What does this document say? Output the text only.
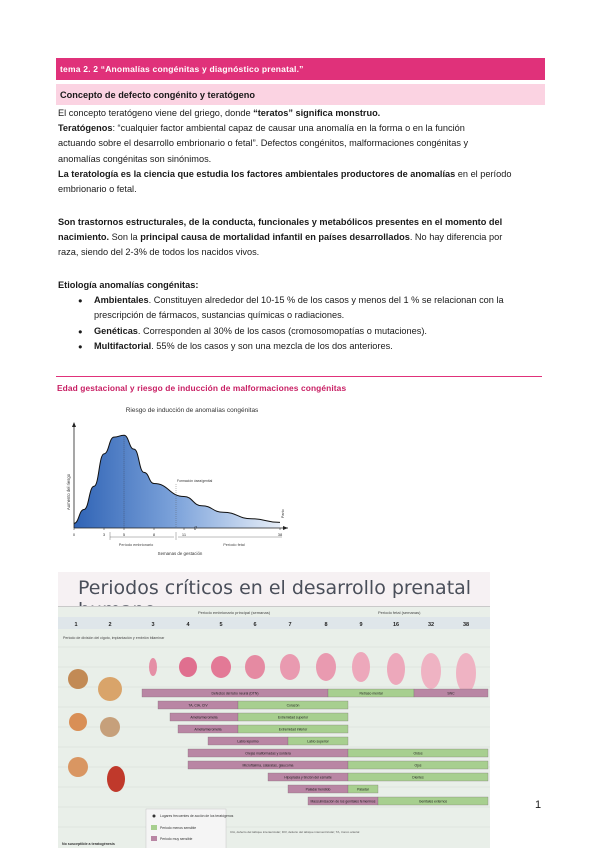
tema 2. 2 “Anomalías congénitas y diagnóstico prenatal.”
Concepto de defecto congénito y teratógeno
El concepto teratógeno viene del griego, donde “teratos” significa monstruo.
Teratógenos: “cualquier factor ambiental capaz de causar una anomalía en la forma o en la función
actuando sobre el desarrollo embrionario o fetal”. Defectos congénitos, malformaciones congénitas y
anomalías congénitas son sinónimos.
La teratología es la ciencia que estudia los factores ambientales productores de anomalías en el período
embrionario o fetal.
Son trastornos estructurales, de la conducta, funcionales y metabólicos presentes en el momento del
nacimiento. Son la principal causa de mortalidad infantil en países desarrollados. No hay diferencia por
raza, siendo del 2-3% de todos los nacidos vivos.
Etiología anomalías congénitas:
● Ambientales. Constituyen alrededor del 10-15 % de los casos y menos del 1 % se relacionan con la
prescripción de fármacos, sustancias químicas o radiaciones.
● Genéticas. Corresponden al 30% de los casos (cromosomopatías o mutaciones).
● Multifactorial. 55% de los casos y son una mezcla de los dos anteriores.
Edad gestacional y riesgo de inducción de malformaciones congénitas
Riesgo de inducción de anomalías congénitas
Aumento del riesgo
0	3	5	8	11	38
//
Período embrionario	Período fetal
Formación ósea/genital
Parto
Semanas de gestación
Periodos críticos en el desarrollo prenatal
1	2	3	4	5	6	7	8	9	16	32	38
Periodo embrionario principal (semanas)	Periodo fetal (semanas)
Periodo de división del cigoto, implantación y embrión bilaminar
Defectos del tubo neural (DTN)	Retraso mental	SNC
TA, CIA, CIV	Corazón
Amelia/meromelia	Extremidad superior
Amelia/meromelia	Extremidad inferior
Labio leporino	Labio superior
Orejas malformadas y sordera	Oídos
Microftalmía, cataratas, glaucoma	Ojos
Hipoplasia y tinción del esmalte	Dientes
Paladar hendido	Paladar
Masculinización de los genitales femeninos	Genitales externos
Lugares frecuentes de acción de los teratógenos
Periodo menos sensible
Periodo muy sensible
No susceptible a teratogénesis
CIA, defecto del tabique interauricular; DIV, defecto del tabique interventricular; TA, tronco arterial
1
